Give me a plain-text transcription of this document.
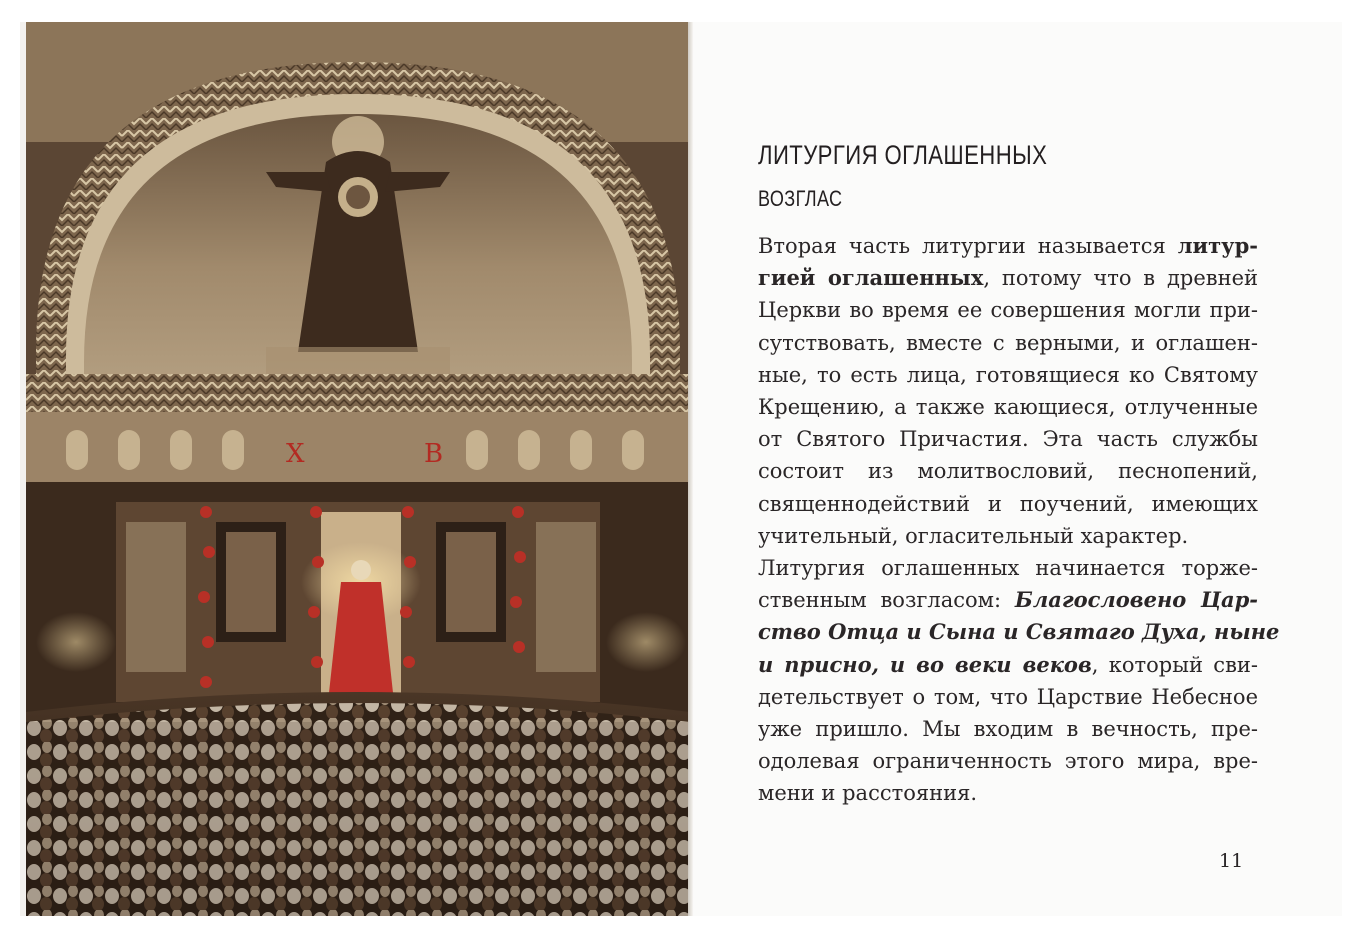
Х	В
ЛИТУРГИЯ ОГЛАШЕННЫХ
ВОЗГЛАС
Вторая часть литургии называется литур-
гией оглашенных, потому что в древней
Церкви во время ее совершения могли при-
сутствовать, вместе с верными, и оглашен-
ные, то есть лица, готовящиеся ко Святому
Крещению, а также кающиеся, отлученные
от Святого Причастия. Эта часть службы
состоит из молитвословий, песнопений,
священнодействий и поучений, имеющих
учительный, огласительный характер.
Литургия оглашенных начинается торже-
ственным возгласом: Благословено Цар-
ство Отца и Сына и Святаго Духа, ныне
и присно, и во веки веков, который сви-
детельствует о том, что Царствие Небесное
уже пришло. Мы входим в вечность, пре-
одолевая ограниченность этого мира, вре-
мени и расстояния.
11
